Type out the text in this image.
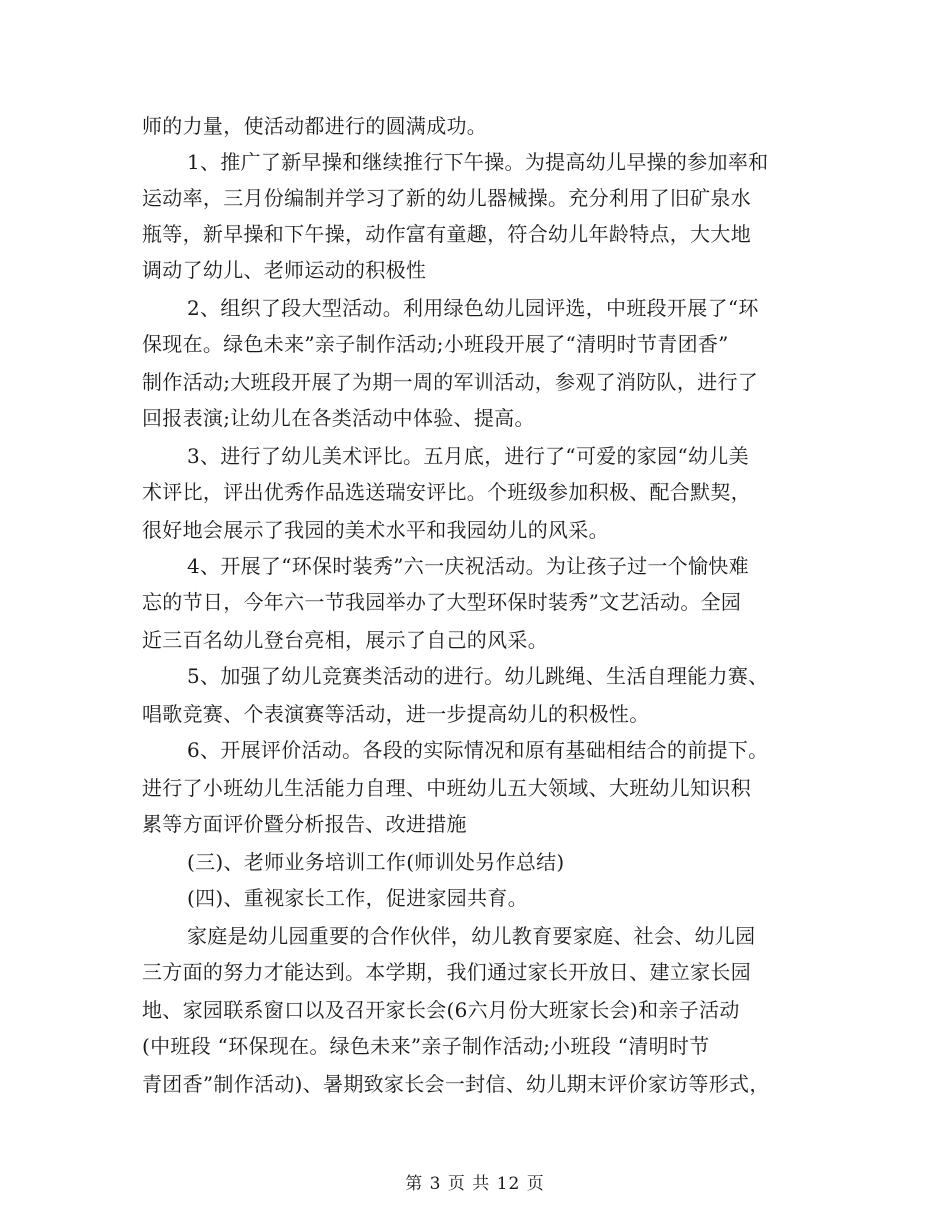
师的力量，使活动都进行的圆满成功。
1、推广了新早操和继续推行下午操。为提高幼儿早操的参加率和
运动率，三月份编制并学习了新的幼儿器械操。充分利用了旧矿泉水
瓶等，新早操和下午操，动作富有童趣，符合幼儿年龄特点，大大地
调动了幼儿、老师运动的积极性
2、组织了段大型活动。利用绿色幼儿园评选，中班段开展了“环
保现在。绿色未来”亲子制作活动;小班段开展了“清明时节青团香”
制作活动;大班段开展了为期一周的军训活动，参观了消防队，进行了
回报表演;让幼儿在各类活动中体验、提高。
3、进行了幼儿美术评比。五月底，进行了“可爱的家园“幼儿美
术评比，评出优秀作品选送瑞安评比。个班级参加积极、配合默契，
很好地会展示了我园的美术水平和我园幼儿的风采。
4、开展了“环保时装秀”六一庆祝活动。为让孩子过一个愉快难
忘的节日，今年六一节我园举办了大型环保时装秀”文艺活动。全园
近三百名幼儿登台亮相，展示了自己的风采。
5、加强了幼儿竞赛类活动的进行。幼儿跳绳、生活自理能力赛、
唱歌竞赛、个表演赛等活动，进一步提高幼儿的积极性。
6、开展评价活动。各段的实际情况和原有基础相结合的前提下。
进行了小班幼儿生活能力自理、中班幼儿五大领域、大班幼儿知识积
累等方面评价暨分析报告、改进措施
(三)、老师业务培训工作(师训处另作总结)
(四)、重视家长工作，促进家园共育。
家庭是幼儿园重要的合作伙伴，幼儿教育要家庭、社会、幼儿园
三方面的努力才能达到。本学期，我们通过家长开放日、建立家长园
地、家园联系窗口以及召开家长会(6六月份大班家长会)和亲子活动
(中班段 “环保现在。绿色未来”亲子制作活动;小班段 “清明时节
青团香”制作活动)、暑期致家长会一封信、幼儿期末评价家访等形式，
第 3 页 共 12 页
